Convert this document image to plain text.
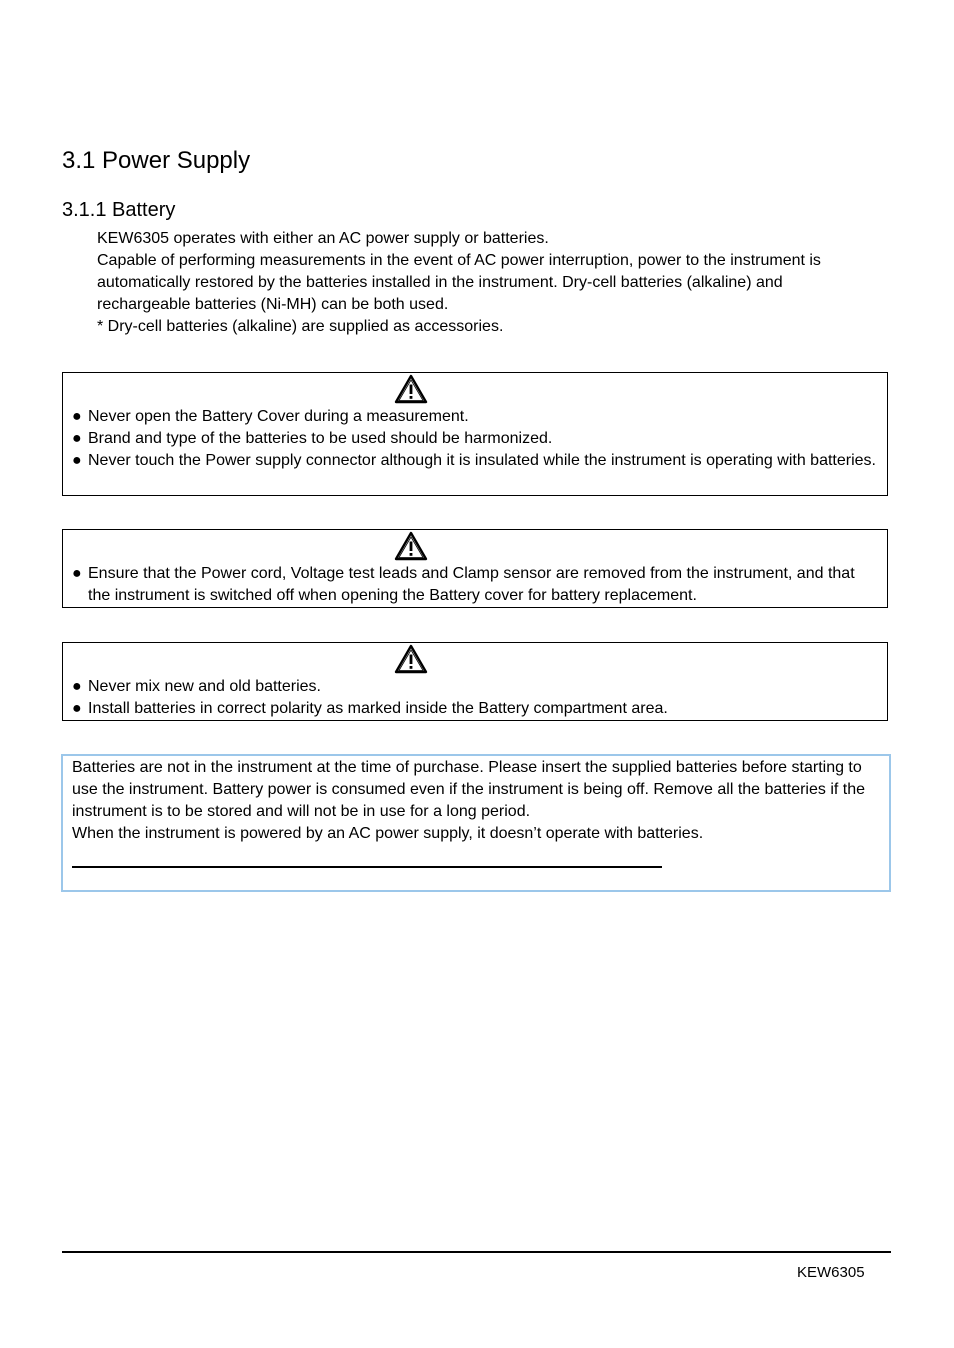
3.1 Power Supply
3.1.1 Battery

KEW6305 operates with either an AC power supply or batteries.

Capable of performing measurements in the event of AC power interruption, power to the instrument is automatically restored by the batteries installed in the instrument. Dry-cell batteries (alkaline) and rechargeable batteries (Ni-MH) can be both used.

* Dry-cell batteries (alkaline) are supplied as accessories.

● Never open the Battery Cover during a measurement.
● Brand and type of the batteries to be used should be harmonized.
● Never touch the Power supply connector although it is insulated while the instrument is operating with batteries.
● Ensure that the Power cord, Voltage test leads and Clamp sensor are removed from the instrument, and that the instrument is switched off when opening the Battery cover for battery replacement.
● Never mix new and old batteries.
● Install batteries in correct polarity as marked inside the Battery compartment area.

Batteries are not in the instrument at the time of purchase. Please insert the supplied batteries before starting to use the instrument. Battery power is consumed even if the instrument is being off. Remove all the batteries if the instrument is to be stored and will not be in use for a long period.

When the instrument is powered by an AC power supply, it doesn’t operate with batteries.

KEW6305
